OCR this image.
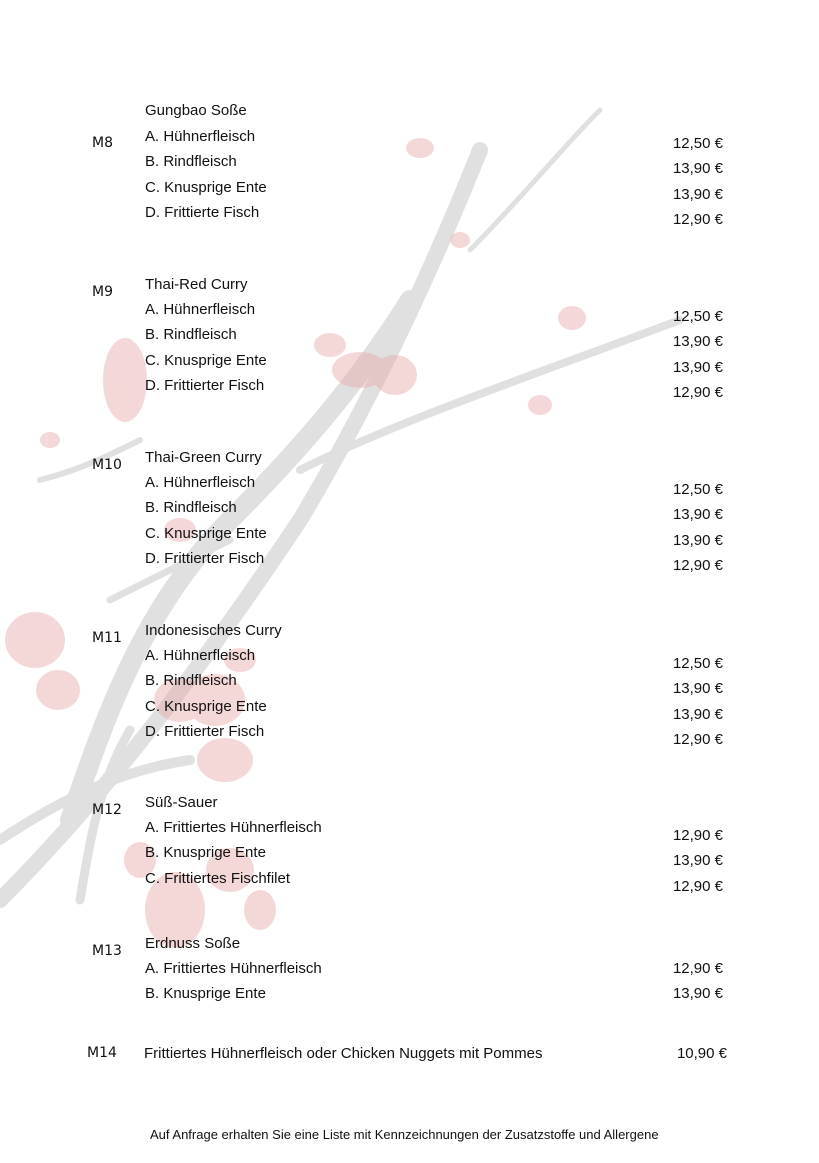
M8
Gungbao Soße
A. Hühnerfleisch	12,50 €
B. Rindfleisch	13,90 €
C. Knusprige Ente	13,90 €
D. Frittierte Fisch	12,90 €
M9 Thai-Red Curry
A. Hühnerfleisch	12,50 €
B. Rindfleisch	13,90 €
C. Knusprige Ente	13,90 €
D. Frittierter Fisch	12,90 €
M10 Thai-Green Curry
A. Hühnerfleisch	12,50 €
B. Rindfleisch	13,90 €
C. Knusprige Ente	13,90 €
D. Frittierter Fisch	12,90 €
M11 Indonesisches Curry
A. Hühnerfleisch	12,50 €
B. Rindfleisch	13,90 €
C. Knusprige Ente	13,90 €
D. Frittierter Fisch	12,90 €
M12 Süß-Sauer
A. Frittiertes Hühnerfleisch	12,90 €
B. Knusprige Ente	13,90 €
C. Frittiertes Fischfilet	12,90 €
M13 Erdnuss Soße
A. Frittiertes Hühnerfleisch	12,90 €
B. Knusprige Ente	13,90 €
M14 Frittiertes Hühnerfleisch oder Chicken Nuggets mit Pommes	10,90 €
Auf Anfrage erhalten Sie eine Liste mit Kennzeichnungen der Zusatzstoffe und Allergene
